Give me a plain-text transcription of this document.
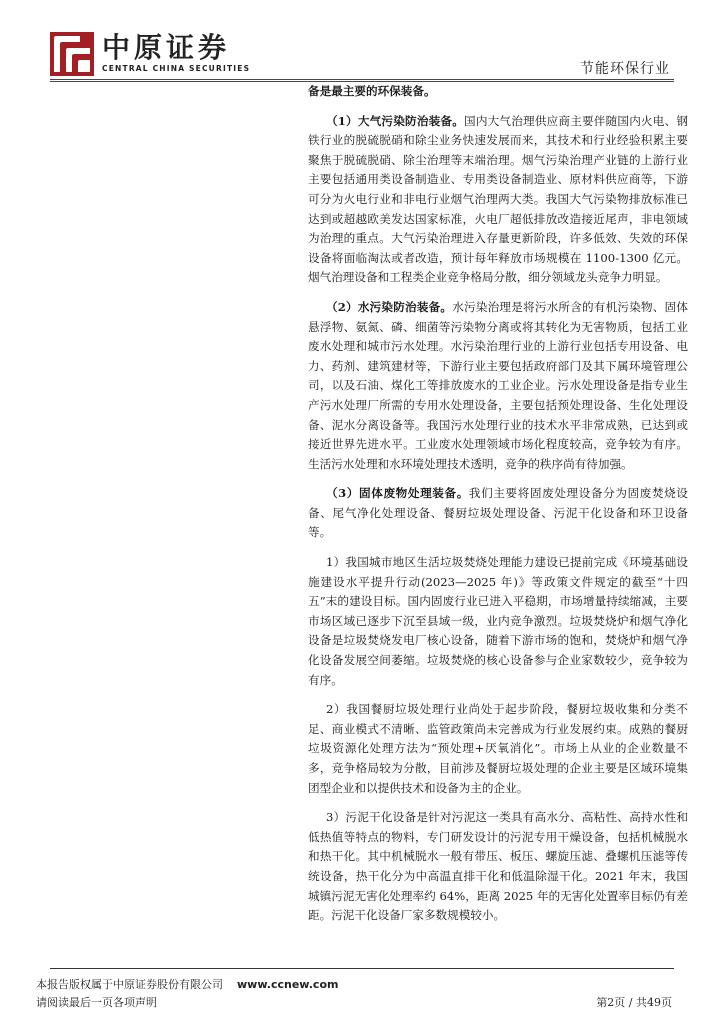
中原证券
CENTRAL CHINA SECURITIES	节能环保行业

备是最主要的环保装备。

（1）大气污染防治装备。国内大气治理供应商主要伴随国内火电、钢铁行业的脱硫脱硝和除尘业务快速发展而来，其技术和行业经验积累主要聚焦于脱硫脱硝、除尘治理等末端治理。烟气污染治理产业链的上游行业主要包括通用类设备制造业、专用类设备制造业、原材料供应商等，下游可分为火电行业和非电行业烟气治理两大类。我国大气污染物排放标准已达到或超越欧美发达国家标准，火电厂超低排放改造接近尾声，非电领域为治理的重点。大气污染治理进入存量更新阶段，许多低效、失效的环保设备将面临淘汰或者改造，预计每年释放市场规模在 1100-1300 亿元。烟气治理设备和工程类企业竞争格局分散，细分领域龙头竞争力明显。

（2）水污染防治装备。水污染治理是将污水所含的有机污染物、固体悬浮物、氨氮、磷、细菌等污染物分离或将其转化为无害物质，包括工业废水处理和城市污水处理。水污染治理行业的上游行业包括专用设备、电力、药剂、建筑建材等，下游行业主要包括政府部门及其下属环境管理公司，以及石油、煤化工等排放废水的工业企业。污水处理设备是指专业生产污水处理厂所需的专用水处理设备，主要包括预处理设备、生化处理设备、泥水分离设备等。我国污水处理行业的技术水平非常成熟，已达到或接近世界先进水平。工业废水处理领域市场化程度较高，竞争较为有序。生活污水处理和水环境处理技术透明，竞争的秩序尚有待加强。

（3）固体废物处理装备。我们主要将固废处理设备分为固废焚烧设备、尾气净化处理设备、餐厨垃圾处理设备、污泥干化设备和环卫设备等。

1）我国城市地区生活垃圾焚烧处理能力建设已提前完成《环境基础设施建设水平提升行动(2023—2025 年)》等政策文件规定的截至“十四五”末的建设目标。国内固废行业已进入平稳期，市场增量持续缩减，主要市场区域已逐步下沉至县域一级，业内竞争激烈。垃圾焚烧炉和烟气净化设备是垃圾焚烧发电厂核心设备，随着下游市场的饱和，焚烧炉和烟气净化设备发展空间萎缩。垃圾焚烧的核心设备参与企业家数较少，竞争较为有序。

2）我国餐厨垃圾处理行业尚处于起步阶段，餐厨垃圾收集和分类不足、商业模式不清晰、监管政策尚未完善成为行业发展约束。成熟的餐厨垃圾资源化处理方法为“预处理+厌氧消化”。市场上从业的企业数量不多，竞争格局较为分散，目前涉及餐厨垃圾处理的企业主要是区域环境集团型企业和以提供技术和设备为主的企业。

3）污泥干化设备是针对污泥这一类具有高水分、高粘性、高持水性和低热值等特点的物料，专门研发设计的污泥专用干燥设备，包括机械脱水和热干化。其中机械脱水一般有带压、板压、螺旋压滤、叠螺机压滤等传统设备，热干化分为中高温直排干化和低温除湿干化。2021 年末，我国城镇污泥无害化处理率约 64%，距离 2025 年的无害化处置率目标仍有差距。污泥干化设备厂家多数规模较小。

本报告版权属于中原证券股份有限公司 www.ccnew.com
请阅读最后一页各项声明	第2页 / 共49页
